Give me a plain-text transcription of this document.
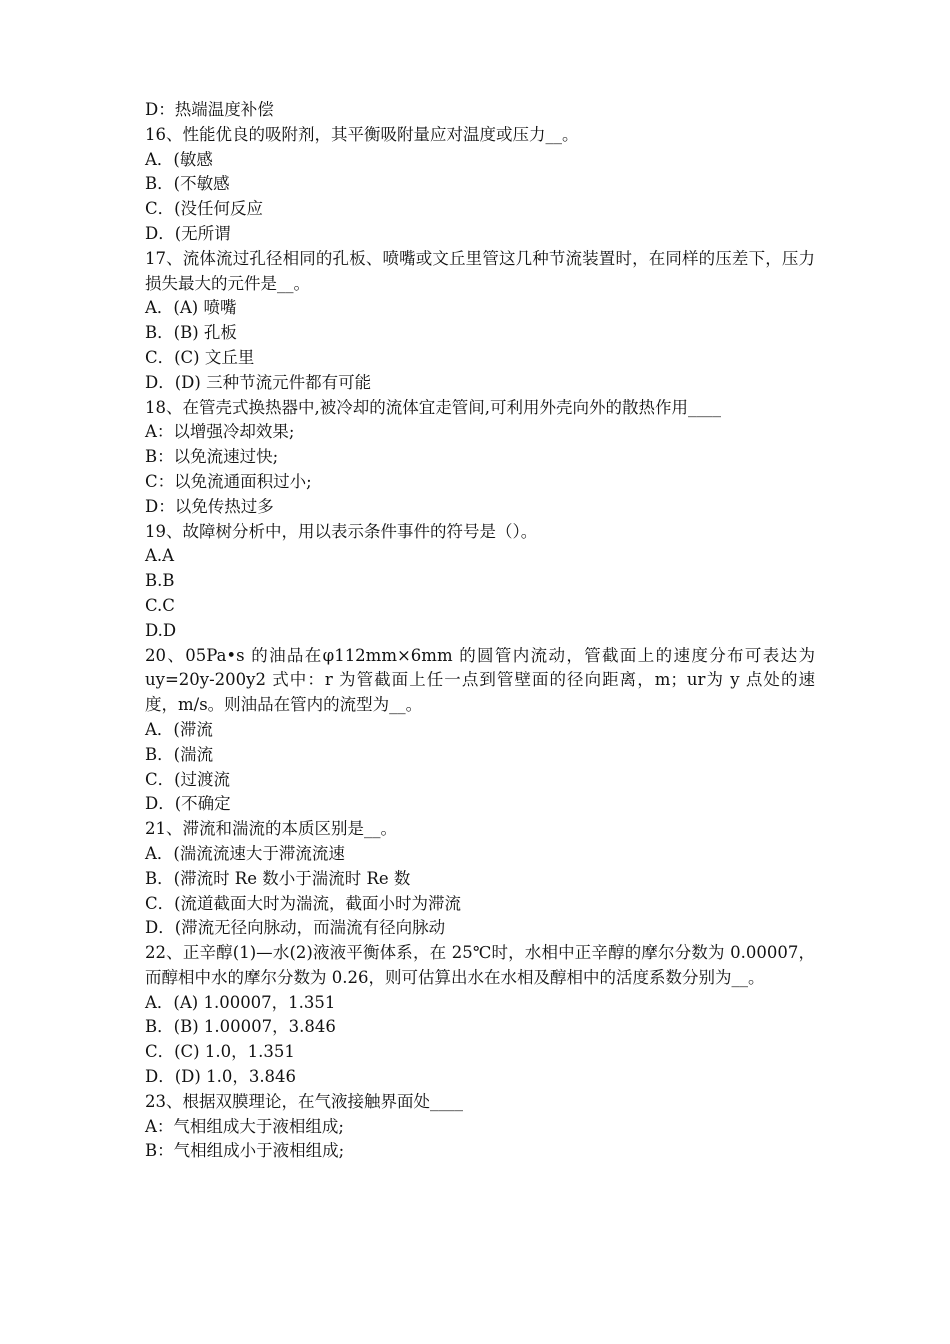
D：热端温度补偿

16、性能优良的吸附剂，其平衡吸附量应对温度或压力__。

A．(敏感

B．(不敏感

C．(没任何反应

D．(无所谓

17、流体流过孔径相同的孔板、喷嘴或文丘里管这几种节流装置时，在同样的压差下，压力损失最大的元件是__。

A．(A) 喷嘴

B．(B) 孔板

C．(C) 文丘里

D．(D) 三种节流元件都有可能

18、在管壳式换热器中,被冷却的流体宜走管间,可利用外壳向外的散热作用____

A：以增强冷却效果;

B：以免流速过快;

C：以免流通面积过小;

D：以免传热过多

19、故障树分析中，用以表示条件事件的符号是（）。

A.A

B.B

C.C

D.D

20、05Pa•s 的油品在φ112mm×6mm 的圆管内流动，管截面上的速度分布可表达为 uy=20y-200y2 式中：r 为管截面上任一点到管壁面的径向距离，m；ur为 y 点处的速度，m/s。则油品在管内的流型为__。

A．(滞流

B．(湍流

C．(过渡流

D．(不确定

21、滞流和湍流的本质区别是__。

A．(湍流流速大于滞流流速

B．(滞流时 Re 数小于湍流时 Re 数

C．(流道截面大时为湍流，截面小时为滞流

D．(滞流无径向脉动，而湍流有径向脉动

22、正辛醇(1)—水(2)液液平衡体系，在 25℃时，水相中正辛醇的摩尔分数为 0.00007，而醇相中水的摩尔分数为 0.26，则可估算出水在水相及醇相中的活度系数分别为__。

A．(A) 1.00007，1.351

B．(B) 1.00007，3.846

C．(C) 1.0，1.351

D．(D) 1.0，3.846

23、根据双膜理论，在气液接触界面处____

A：气相组成大于液相组成;

B：气相组成小于液相组成;
